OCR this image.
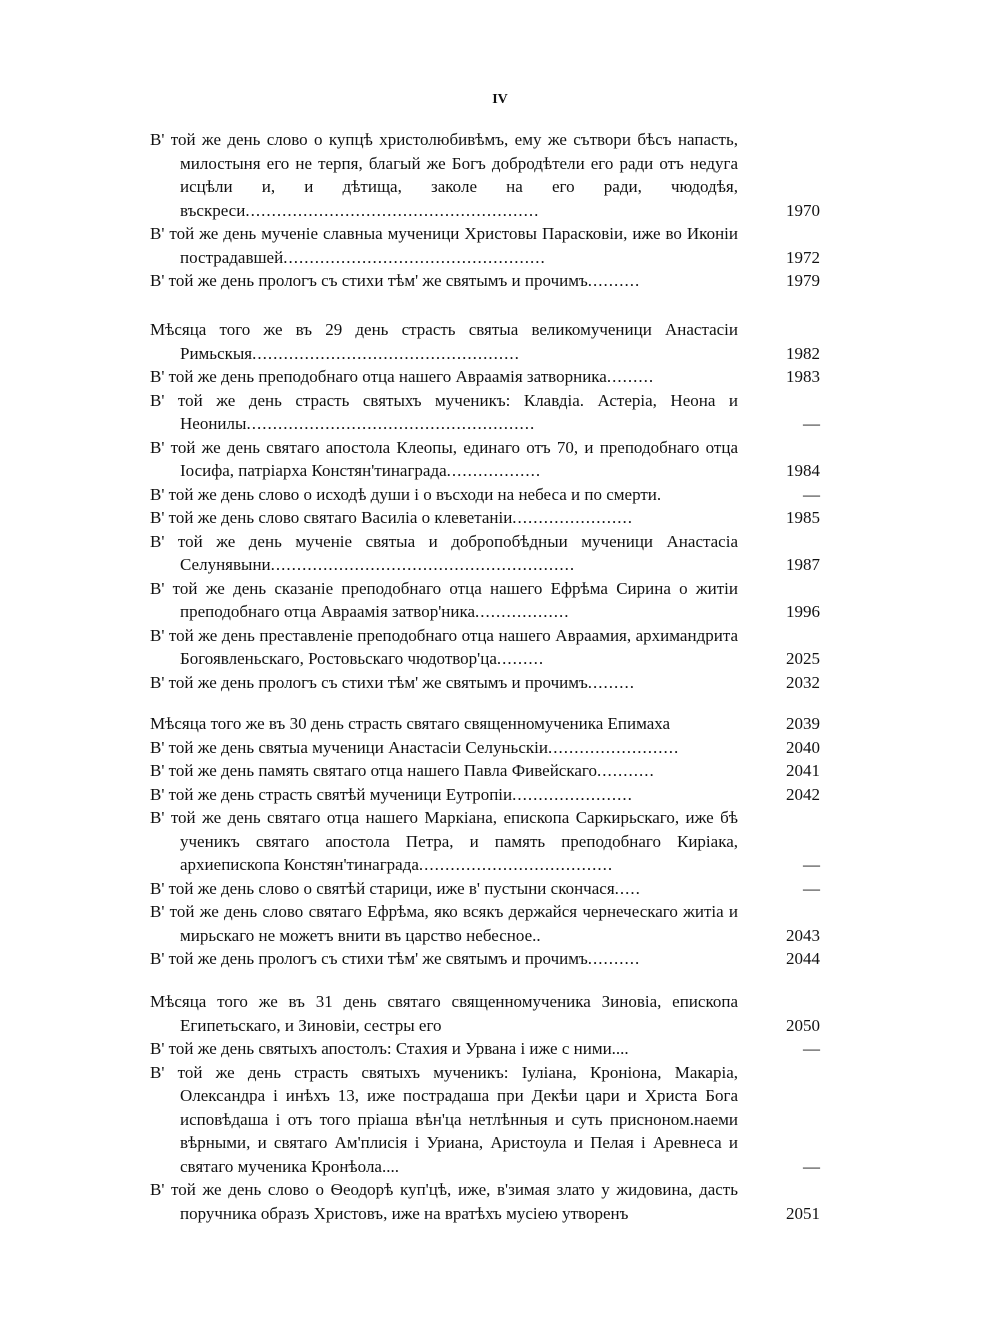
IV
В' той же день слово о купцѣ христолюбивѣмъ, ему же сътвори бѣсъ напасть, милостыня его не терпя, благый же Богъ добродѣтели его ради отъ недуга исцѣли и, и дѣтища, заколе на его ради, чюдодѣя, въскреси........................................................	1970
В' той же день мученіе славныа мученици Христовы Парасковіи, иже во Иконіи пострадавшей..................................................	1972
В' той же день прологъ съ стихи тѣм' же святымъ и прочимъ..........	1979
Мѣсяца того же въ 29 день страсть святыа великомученици Анастасіи Римьскыя...................................................	1982
В' той же день преподобнаго отца нашего Авраамія затворника.........	1983
В' той же день страсть святыхъ мученикъ: Клавдіа. Астеріа, Неона и Неонилы.......................................................	—
В' той же день святаго апостола Клеопы, единаго отъ 70, и преподобнаго отца Іосифа, патріарха Констян'тинаграда..................	1984
В' той же день слово о исходѣ души і о въсходи на небеса и по смерти.	—
В' той же день слово святаго Василіа о клеветаніи.......................	1985
В' той же день мученіе святыа и добропобѣдныи мученици Анастасіа Селунявыни..........................................................	1987
В' той же день сказаніе преподобнаго отца нашего Ефрѣма Сирина о житіи преподобнаго отца Авраамія затвор'ника..................	1996
В' той же день преставленіе преподобнаго отца нашего Авраамия, архимандрита Богоявленьскаго, Ростовьскаго чюдотвор'ца.........	2025
В' той же день прологъ съ стихи тѣм' же святымъ и прочимъ.........	2032
Мѣсяца того же въ 30 день страсть святаго священномученика Епимаха	2039
В' той же день святыа мученици Анастасіи Селуньскіи.........................	2040
В' той же день память святаго отца нашего Павла Фивейскаго...........	2041
В' той же день страсть святѣй мученици Еутропіи.......................	2042
В' той же день святаго отца нашего Маркіана, епископа Саркирьскаго, иже бѣ ученикъ святаго апостола Петра, и память преподобнаго Киріака, архиепископа Констян'тинаграда.....................................	—
В' той же день слово о святѣй старици, иже в' пустыни скончася.....	—
В' той же день слово святаго Ефрѣма, яко всякъ держайся чернеческаго житіа и мирьскаго не можетъ внити въ царство небесное..	2043
В' той же день прологъ съ стихи тѣм' же святымъ и прочимъ..........	2044
Мѣсяца того же въ 31 день святаго священномученика Зиновіа, епископа Египетьскаго, и Зиновіи, сестры его	2050
В' той же день святыхъ апостолъ: Стахия и Урвана і иже с ними....	—
В' той же день страсть святыхъ мученикъ: Іуліана, Кроніона, Макаріа, Олександра і инѣхъ 13, иже пострадаша при Декѣи цари и Христа Бога исповѣдаша і отъ того пріаша вѣн'ца нетлѣнныя и суть присноном.наеми вѣрными, и святаго Ам'плисія і Уриана, Аристоула и Пелая і Аревнеса и святаго мученика Кронѣола....	—
В' той же день слово о Ѳеодорѣ куп'цѣ, иже, в'зимая злато у жидовина, дасть поручника образъ Христовъ, иже на вратѣхъ мусіею утворенъ	2051
